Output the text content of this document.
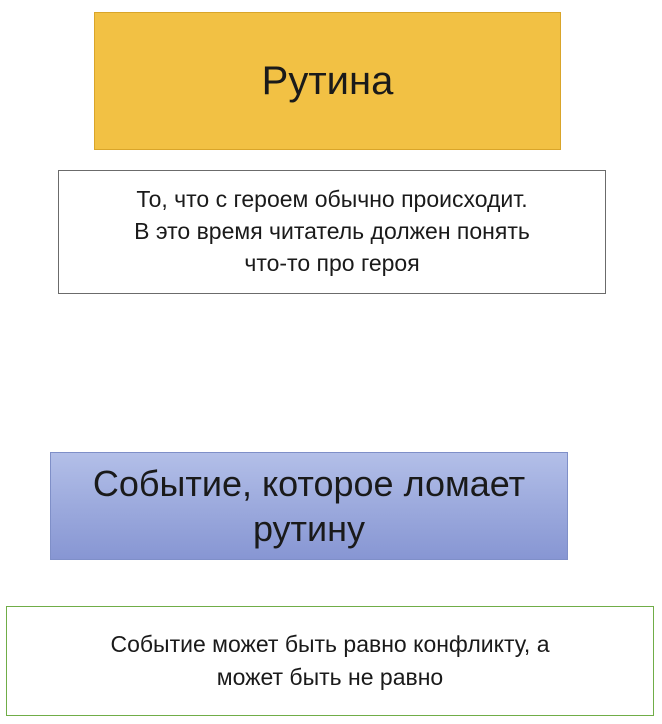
Рутина
То, что с героем обычно происходит.
В это время читатель должен понять
что-то про героя
Событие, которое ломает
рутину
Событие может быть равно конфликту, а
может быть не равно
